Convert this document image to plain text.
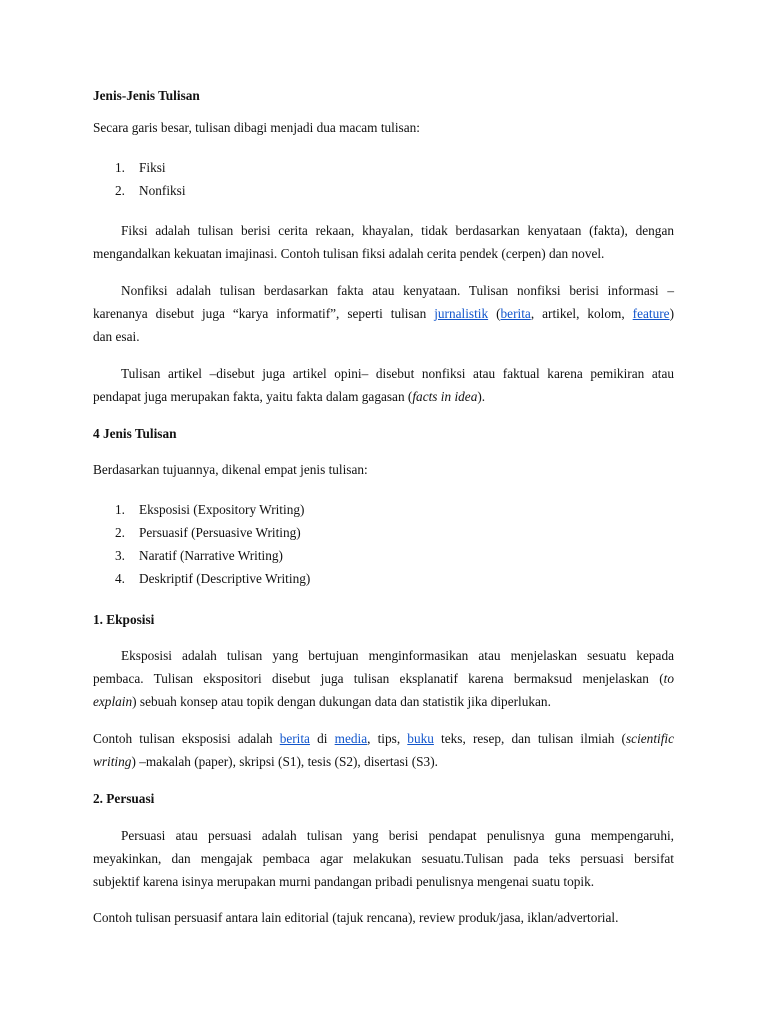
Jenis-Jenis Tulisan
Secara garis besar, tulisan dibagi menjadi dua macam tulisan:
1. Fiksi
2. Nonfiksi
Fiksi adalah tulisan berisi cerita rekaan, khayalan, tidak berdasarkan kenyataan (fakta), dengan
mengandalkan kekuatan imajinasi. Contoh tulisan fiksi adalah cerita pendek (cerpen) dan novel.
Nonfiksi adalah tulisan berdasarkan fakta atau kenyataan. Tulisan nonfiksi berisi informasi –
karenanya disebut juga “karya informatif”, seperti tulisan jurnalistik (berita, artikel, kolom, feature)
dan esai.
Tulisan artikel –disebut juga artikel opini– disebut nonfiksi atau faktual karena pemikiran atau
pendapat juga merupakan fakta, yaitu fakta dalam gagasan (facts in idea).
4 Jenis Tulisan
Berdasarkan tujuannya, dikenal empat jenis tulisan:
1. Eksposisi (Expository Writing)
2. Persuasif (Persuasive Writing)
3. Naratif (Narrative Writing)
4. Deskriptif (Descriptive Writing)
1. Ekposisi
Eksposisi adalah tulisan yang bertujuan menginformasikan atau menjelaskan sesuatu kepada
pembaca. Tulisan ekspositori disebut juga tulisan eksplanatif karena bermaksud menjelaskan (to
explain) sebuah konsep atau topik dengan dukungan data dan statistik jika diperlukan.
Contoh tulisan eksposisi adalah berita di media, tips, buku teks, resep, dan tulisan ilmiah (scientific
writing) –makalah (paper), skripsi (S1), tesis (S2), disertasi (S3).
2. Persuasi
Persuasi atau persuasi adalah tulisan yang berisi pendapat penulisnya guna mempengaruhi,
meyakinkan, dan mengajak pembaca agar melakukan sesuatu.Tulisan pada teks persuasi bersifat
subjektif karena isinya merupakan murni pandangan pribadi penulisnya mengenai suatu topik.
Contoh tulisan persuasif antara lain editorial (tajuk rencana), review produk/jasa, iklan/advertorial.
